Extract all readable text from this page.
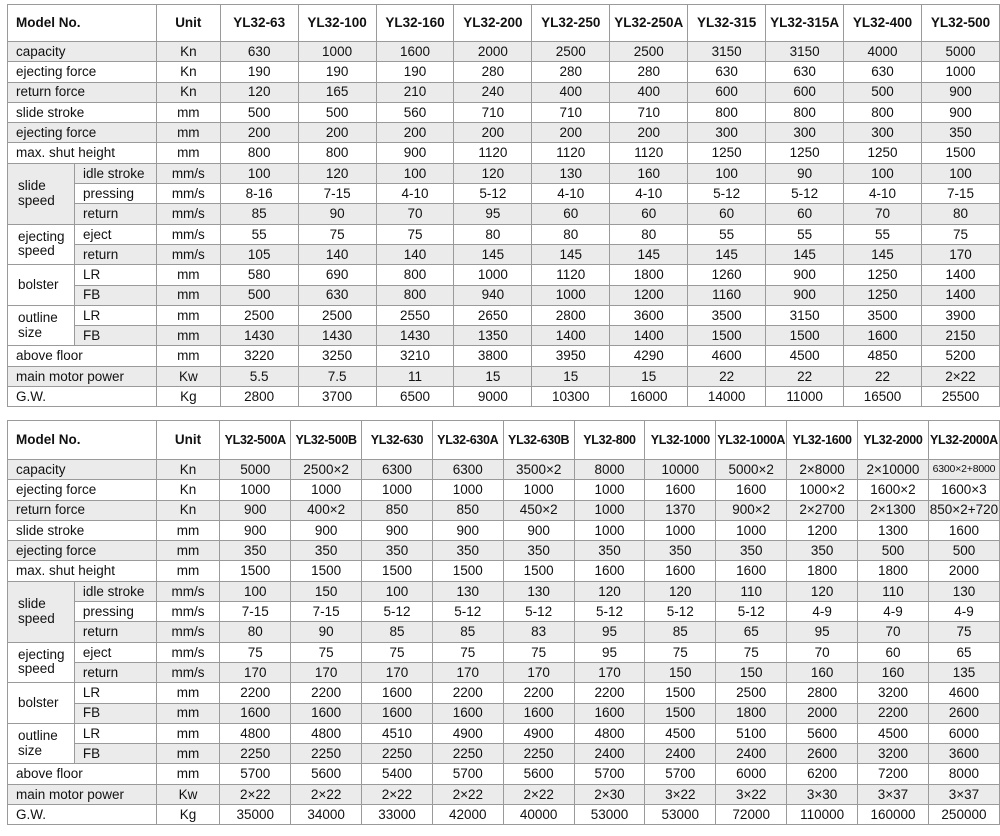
Model No.		Unit	YL32-63	YL32-100	YL32-160	YL32-200	YL32-250	YL32-250A	YL32-315	YL32-315A	YL32-400	YL32-500
capacity		Kn	630	1000	1600	2000	2500	2500	3150	3150	4000	5000
ejecting force		Kn	190	190	190	280	280	280	630	630	630	1000
return force		Kn	120	165	210	240	400	400	600	600	500	900
slide stroke		mm	500	500	560	710	710	710	800	800	800	900
ejecting force		mm	200	200	200	200	200	200	300	300	300	350
max. shut height		mm	800	800	900	1120	1120	1120	1250	1250	1250	1500
slide speed	idle stroke	mm/s	100	120	100	120	130	160	100	90	100	100
	pressing	mm/s	8-16	7-15	4-10	5-12	4-10	4-10	5-12	5-12	4-10	7-15
	return	mm/s	85	90	70	95	60	60	60	60	70	80
ejecting speed	eject	mm/s	55	75	75	80	80	80	55	55	55	75
	return	mm/s	105	140	140	145	145	145	145	145	145	170
bolster	LR	mm	580	690	800	1000	1120	1800	1260	900	1250	1400
	FB	mm	500	630	800	940	1000	1200	1160	900	1250	1400
outline size	LR	mm	2500	2500	2550	2650	2800	3600	3500	3150	3500	3900
	FB	mm	1430	1430	1430	1350	1400	1400	1500	1500	1600	2150
above floor		mm	3220	3250	3210	3800	3950	4290	4600	4500	4850	5200
main motor power		Kw	5.5	7.5	11	15	15	15	22	22	22	2×22
G.W.		Kg	2800	3700	6500	9000	10300	16000	14000	11000	16500	25500
Model No.		Unit	YL32-500A	YL32-500B	YL32-630	YL32-630A	YL32-630B	YL32-800	YL32-1000	YL32-1000A	YL32-1600	YL32-2000	YL32-2000A
capacity		Kn	5000	2500×2	6300	6300	3500×2	8000	10000	5000×2	2×8000	2×10000	6300×2+8000
ejecting force		Kn	1000	1000	1000	1000	1000	1000	1600	1600	1000×2	1600×2	1600×3
return force		Kn	900	400×2	850	850	450×2	1000	1370	900×2	2×2700	2×1300	850×2+720
slide stroke		mm	900	900	900	900	900	1000	1000	1000	1200	1300	1600
ejecting force		mm	350	350	350	350	350	350	350	350	350	500	500
max. shut height		mm	1500	1500	1500	1500	1500	1600	1600	1600	1800	1800	2000
slide speed	idle stroke	mm/s	100	150	100	130	130	120	120	110	120	110	130
	pressing	mm/s	7-15	7-15	5-12	5-12	5-12	5-12	5-12	5-12	4-9	4-9	4-9
	return	mm/s	80	90	85	85	83	95	85	65	95	70	75
ejecting speed	eject	mm/s	75	75	75	75	75	95	75	75	70	60	65
	return	mm/s	170	170	170	170	170	170	150	150	160	160	135
bolster	LR	mm	2200	2200	1600	2200	2200	2200	1500	2500	2800	3200	4600
	FB	mm	1600	1600	1600	1600	1600	1600	1500	1800	2000	2200	2600
outline size	LR	mm	4800	4800	4510	4900	4900	4800	4500	5100	5600	4500	6000
	FB	mm	2250	2250	2250	2250	2250	2400	2400	2400	2600	3200	3600
above floor		mm	5700	5600	5400	5700	5600	5700	5700	6000	6200	7200	8000
main motor power		Kw	2×22	2×22	2×22	2×22	2×22	2×30	3×22	3×22	3×30	3×37	3×37
G.W.		Kg	35000	34000	33000	42000	40000	53000	53000	72000	110000	160000	250000
